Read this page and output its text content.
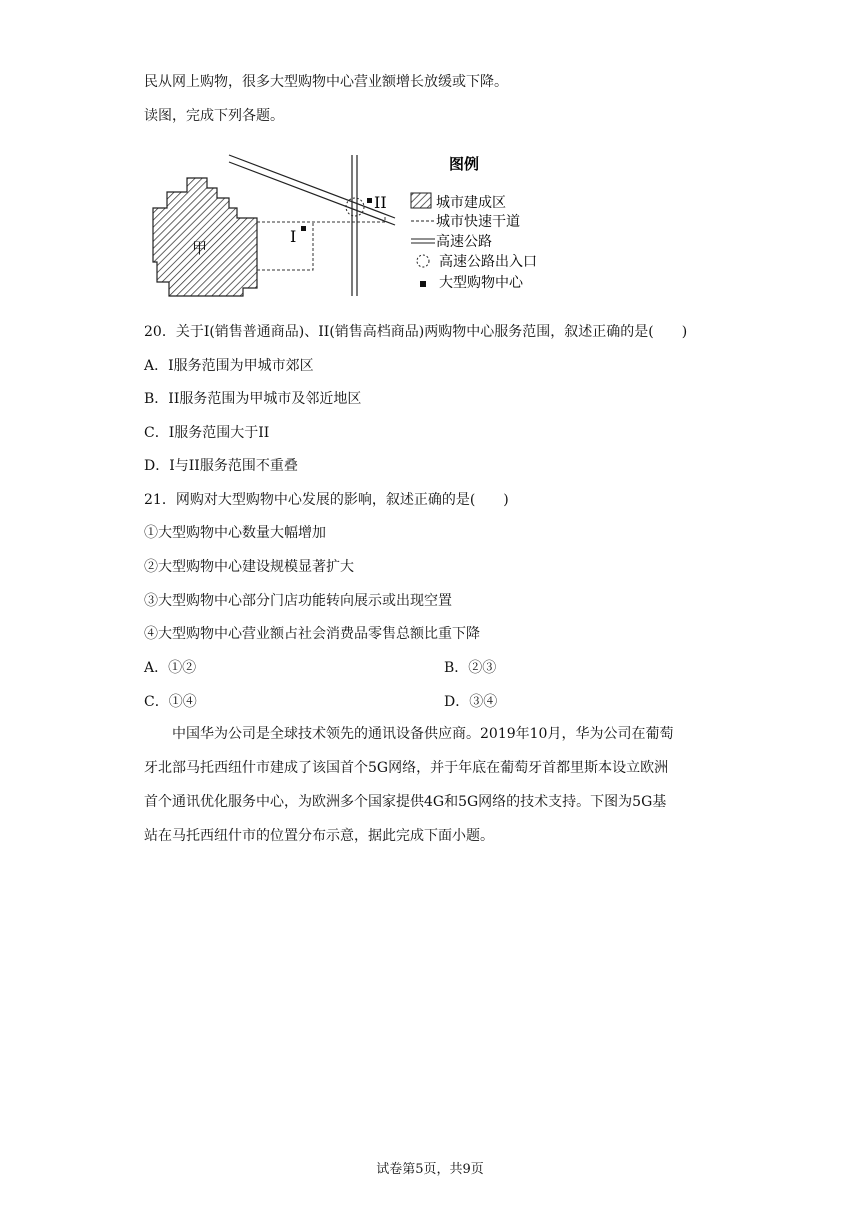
民从网上购物，很多大型购物中心营业额增长放缓或下降。
读图，完成下列各题。
甲
I
II
图例
城市建成区
城市快速干道
高速公路
高速公路出入口
大型购物中心
20．关于I(销售普通商品)、II(销售高档商品)两购物中心服务范围，叙述正确的是(　　)
A．I服务范围为甲城市郊区
B．II服务范围为甲城市及邻近地区
C．I服务范围大于II
D．I与II服务范围不重叠
21．网购对大型购物中心发展的影响，叙述正确的是(　　)
①大型购物中心数量大幅增加
②大型购物中心建设规模显著扩大
③大型购物中心部分门店功能转向展示或出现空置
④大型购物中心营业额占社会消费品零售总额比重下降
A．①②	B．②③
C．①④	D．③④
中国华为公司是全球技术领先的通讯设备供应商。2019年10月，华为公司在葡萄
牙北部马托西纽什市建成了该国首个5G网络，并于年底在葡萄牙首都里斯本设立欧洲
首个通讯优化服务中心，为欧洲多个国家提供4G和5G网络的技术支持。下图为5G基
站在马托西纽什市的位置分布示意，据此完成下面小题。
试卷第5页，共9页
